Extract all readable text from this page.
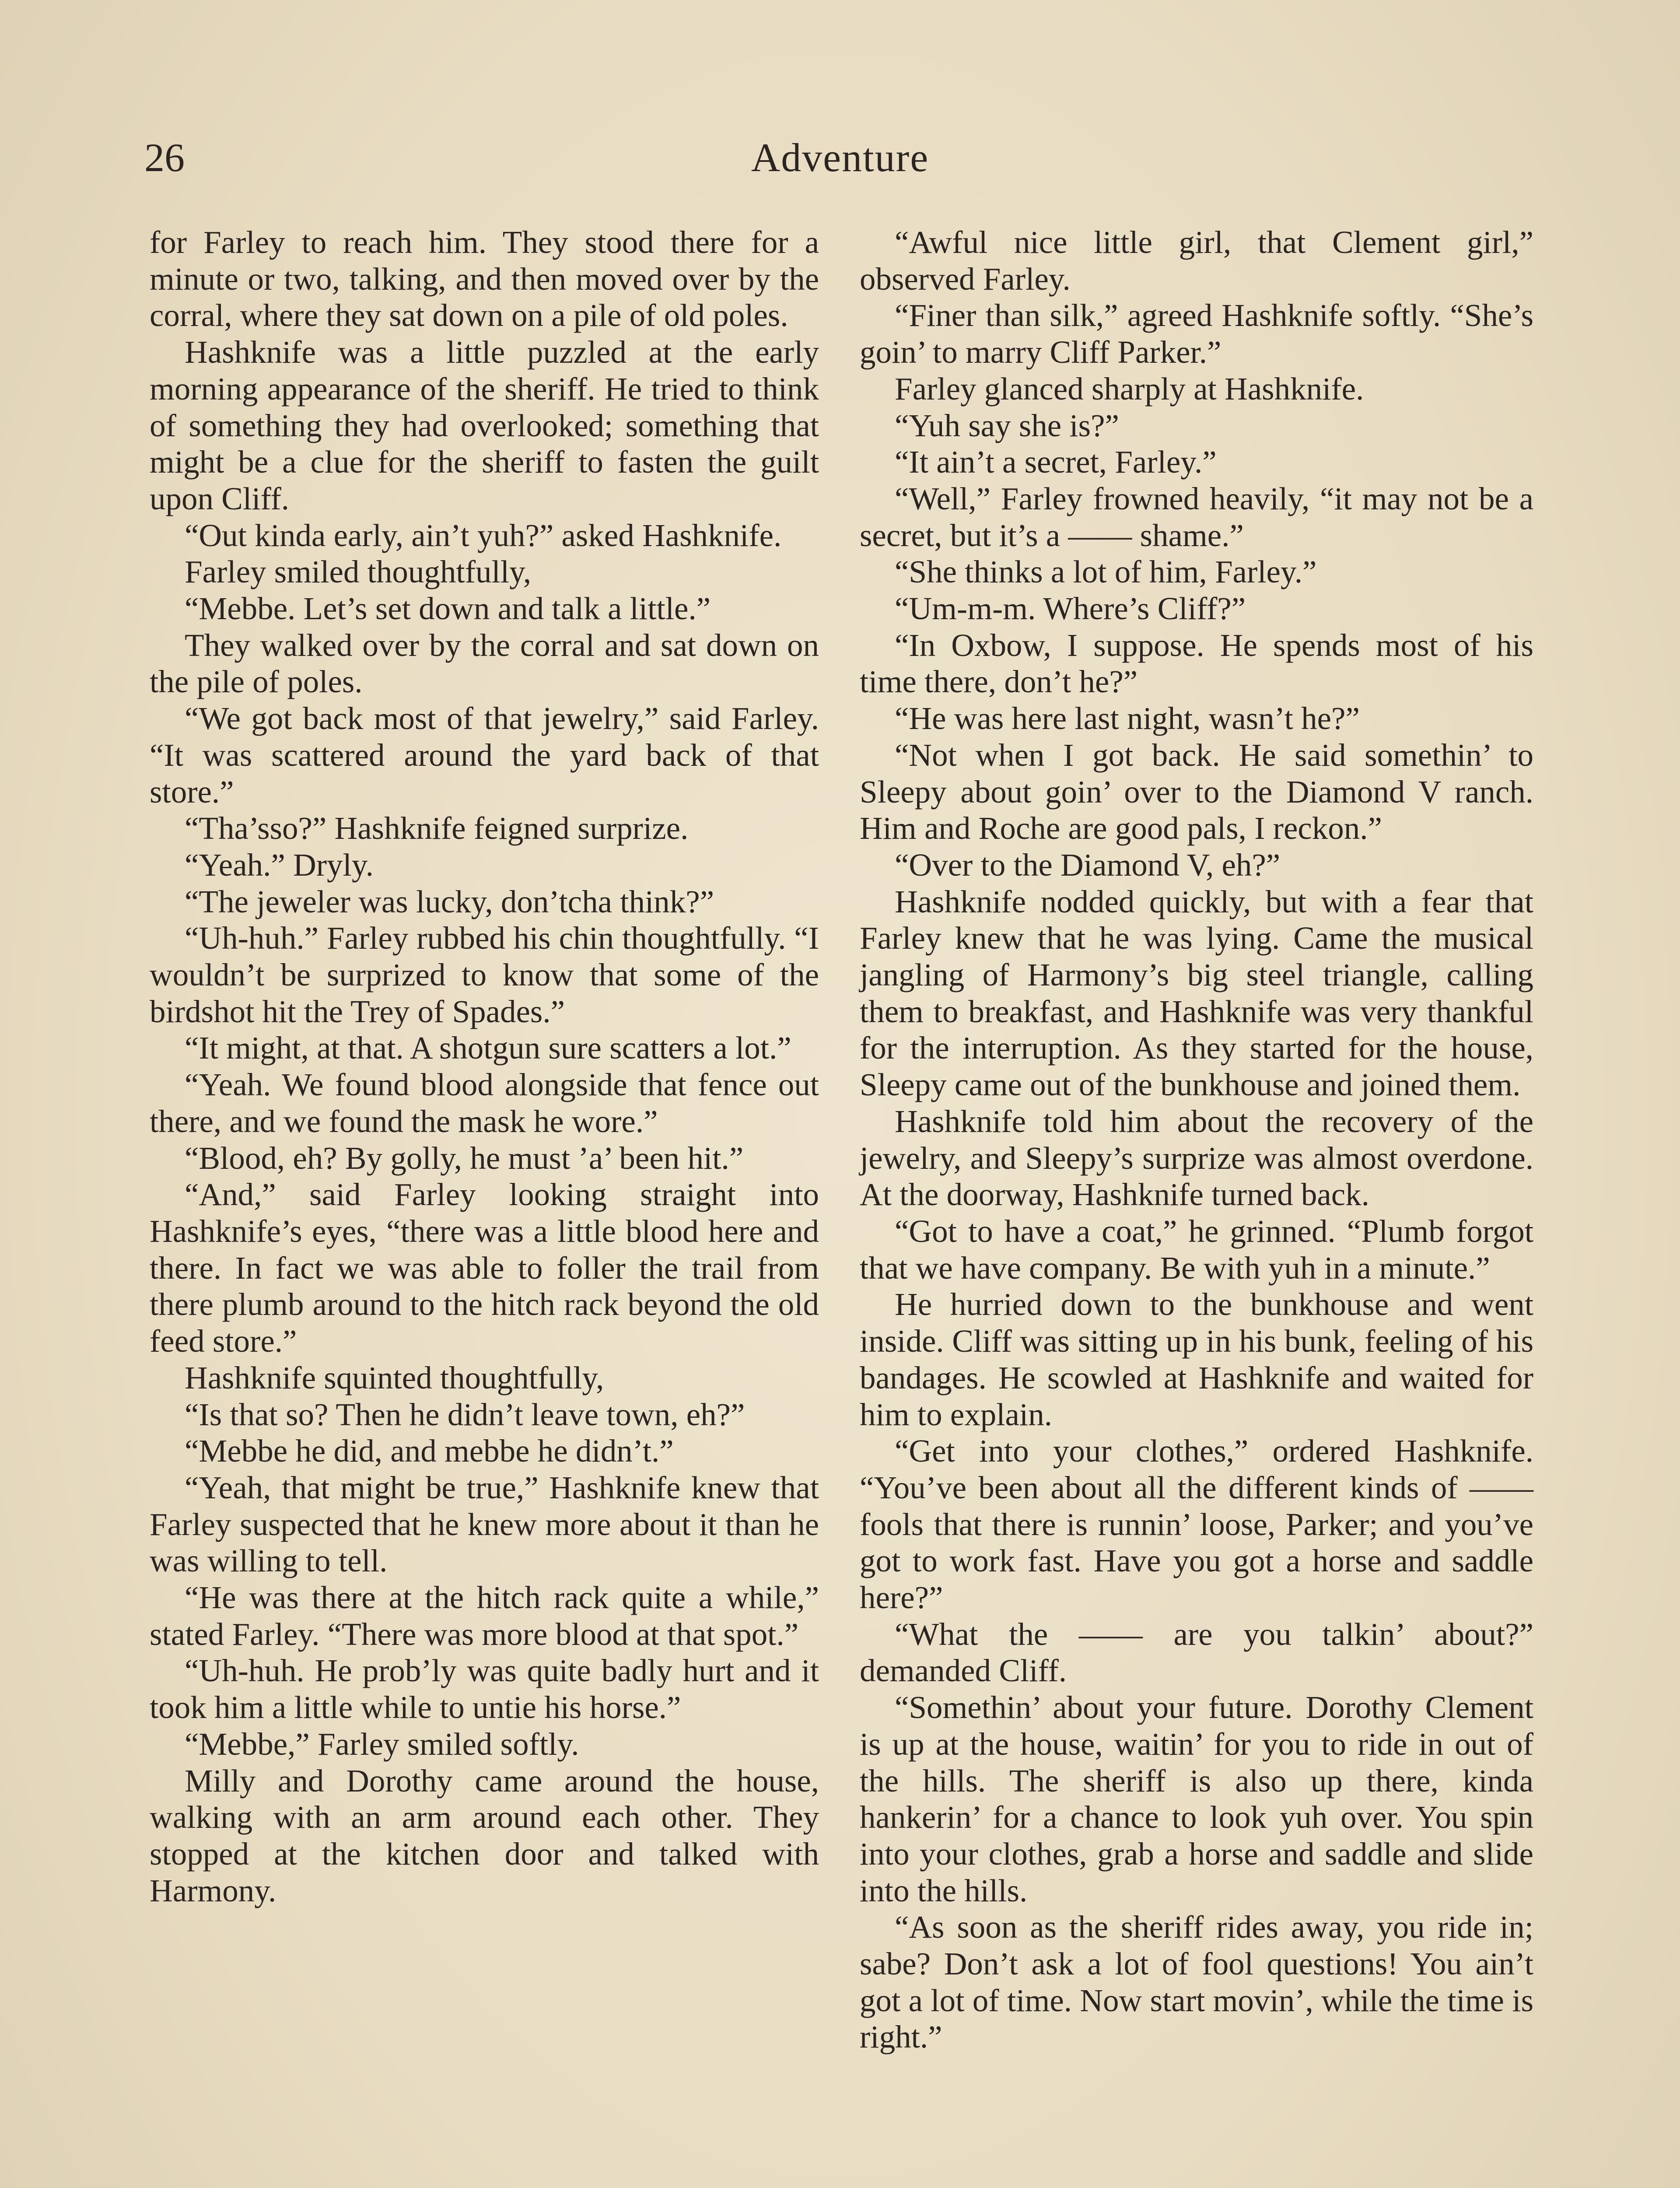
26	Adventure

for Farley to reach him. They stood there for a minute or two, talking, and then moved over by the corral, where they sat down on a pile of old poles.

Hashknife was a little puzzled at the early morning appearance of the sheriff. He tried to think of something they had overlooked; something that might be a clue for the sheriff to fasten the guilt upon Cliff.

“Out kinda early, ain’t yuh?” asked Hashknife.

Farley smiled thoughtfully,

“Mebbe. Let’s set down and talk a little.”

They walked over by the corral and sat down on the pile of poles.

“We got back most of that jewelry,” said Farley. “It was scattered around the yard back of that store.”

“Tha’sso?” Hashknife feigned surprize.

“Yeah.” Dryly.

“The jeweler was lucky, don’tcha think?”

“Uh-huh.” Farley rubbed his chin thoughtfully. “I wouldn’t be surprized to know that some of the birdshot hit the Trey of Spades.”

“It might, at that. A shotgun sure scatters a lot.”

“Yeah. We found blood alongside that fence out there, and we found the mask he wore.”

“Blood, eh? By golly, he must ’a’ been hit.”

“And,” said Farley looking straight into Hashknife’s eyes, “there was a little blood here and there. In fact we was able to foller the trail from there plumb around to the hitch rack beyond the old feed store.”

Hashknife squinted thoughtfully,

“Is that so? Then he didn’t leave town, eh?”

“Mebbe he did, and mebbe he didn’t.”

“Yeah, that might be true,” Hashknife knew that Farley suspected that he knew more about it than he was willing to tell.

“He was there at the hitch rack quite a while,” stated Farley. “There was more blood at that spot.”

“Uh-huh. He prob’ly was quite badly hurt and it took him a little while to untie his horse.”

“Mebbe,” Farley smiled softly.

Milly and Dorothy came around the house, walking with an arm around each other. They stopped at the kitchen door and talked with Harmony.

“Awful nice little girl, that Clement girl,” observed Farley.

“Finer than silk,” agreed Hashknife softly. “She’s goin’ to marry Cliff Parker.”

Farley glanced sharply at Hashknife.

“Yuh say she is?”

“It ain’t a secret, Farley.”

“Well,” Farley frowned heavily, “it may not be a secret, but it’s a —— shame.”

“She thinks a lot of him, Farley.”

“Um-m-m. Where’s Cliff?”

“In Oxbow, I suppose. He spends most of his time there, don’t he?”

“He was here last night, wasn’t he?”

“Not when I got back. He said somethin’ to Sleepy about goin’ over to the Diamond V ranch. Him and Roche are good pals, I reckon.”

“Over to the Diamond V, eh?”

Hashknife nodded quickly, but with a fear that Farley knew that he was lying. Came the musical jangling of Harmony’s big steel triangle, calling them to breakfast, and Hashknife was very thankful for the interruption. As they started for the house, Sleepy came out of the bunkhouse and joined them.

Hashknife told him about the recovery of the jewelry, and Sleepy’s surprize was almost overdone. At the doorway, Hashknife turned back.

“Got to have a coat,” he grinned. “Plumb forgot that we have company. Be with yuh in a minute.”

He hurried down to the bunkhouse and went inside. Cliff was sitting up in his bunk, feeling of his bandages. He scowled at Hashknife and waited for him to explain.

“Get into your clothes,” ordered Hashknife. “You’ve been about all the different kinds of —— fools that there is runnin’ loose, Parker; and you’ve got to work fast. Have you got a horse and saddle here?”

“What the —— are you talkin’ about?” demanded Cliff.

“Somethin’ about your future. Dorothy Clement is up at the house, waitin’ for you to ride in out of the hills. The sheriff is also up there, kinda hankerin’ for a chance to look yuh over. You spin into your clothes, grab a horse and saddle and slide into the hills.

“As soon as the sheriff rides away, you ride in; sabe? Don’t ask a lot of fool questions! You ain’t got a lot of time. Now start movin’, while the time is right.”
